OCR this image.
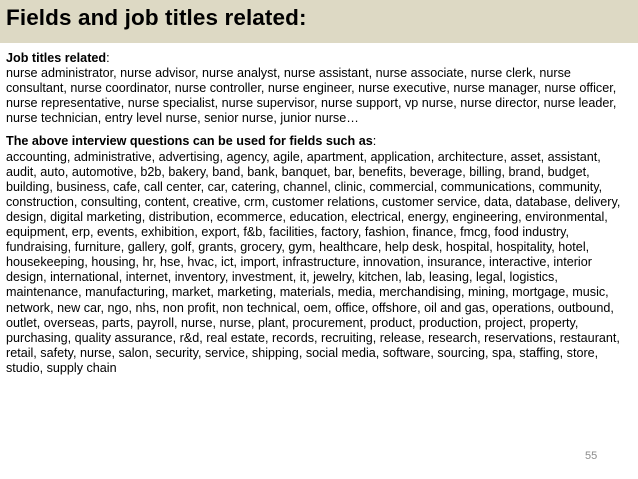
Fields and job titles related:

Job titles related:
nurse administrator, nurse advisor, nurse analyst, nurse assistant, nurse associate, nurse clerk, nurse consultant, nurse coordinator, nurse controller, nurse engineer, nurse executive, nurse manager, nurse officer, nurse representative, nurse specialist, nurse supervisor, nurse support, vp nurse, nurse director, nurse leader, nurse technician, entry level nurse, senior nurse, junior nurse…

The above interview questions can be used for fields such as:
accounting, administrative, advertising, agency, agile, apartment, application, architecture, asset, assistant, audit, auto, automotive, b2b, bakery, band, bank, banquet, bar, benefits, beverage, billing, brand, budget, building, business, cafe, call center, car, catering, channel, clinic, commercial, communications, community, construction, consulting, content, creative, crm, customer relations, customer service, data, database, delivery, design, digital marketing, distribution, ecommerce, education, electrical, energy, engineering, environmental, equipment, erp, events, exhibition, export, f&b, facilities, factory, fashion, finance, fmcg, food industry, fundraising, furniture, gallery, golf, grants, grocery, gym, healthcare, help desk, hospital, hospitality, hotel, housekeeping, housing, hr, hse, hvac, ict, import, infrastructure, innovation, insurance, interactive, interior design, international, internet, inventory, investment, it, jewelry, kitchen, lab, leasing, legal, logistics, maintenance, manufacturing, market, marketing, materials, media, merchandising, mining, mortgage, music, network, new car, ngo, nhs, non profit, non technical, oem, office, offshore, oil and gas, operations, outbound, outlet, overseas, parts, payroll, nurse, nurse, plant, procurement, product, production, project, property, purchasing, quality assurance, r&d, real estate, records, recruiting, release, research, reservations, restaurant, retail, safety, nurse, salon, security, service, shipping, social media, software, sourcing, spa, staffing, store, studio, supply chain

55
